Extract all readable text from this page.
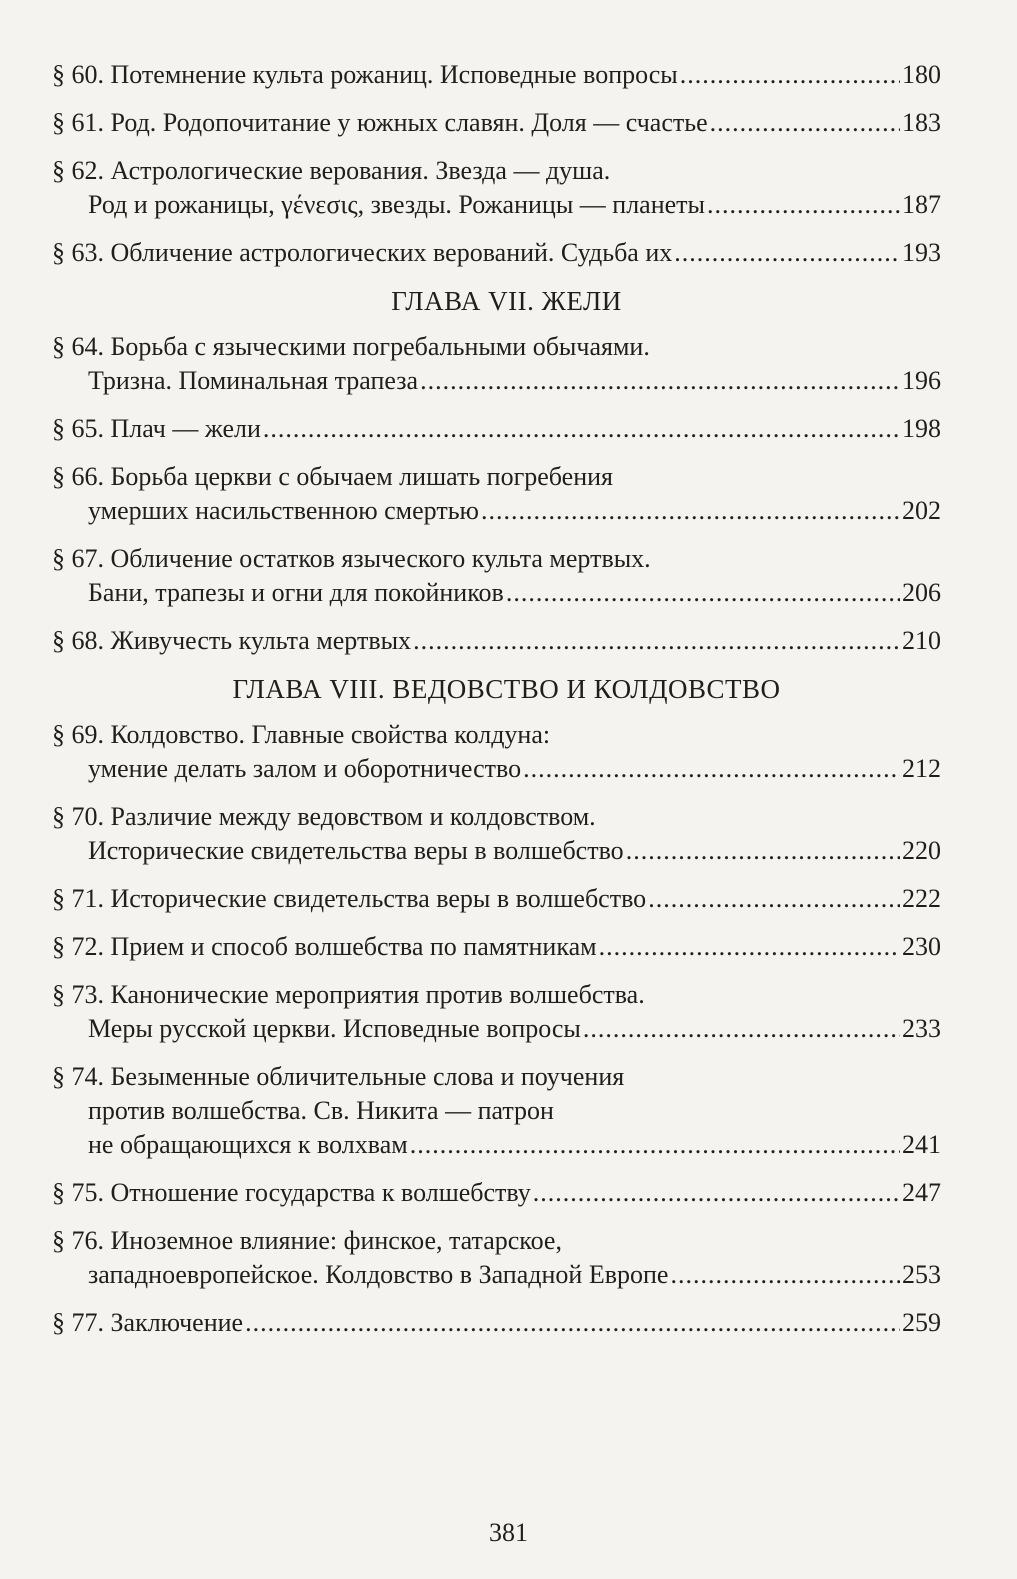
§ 60. Потемнение культа рожаниц. Исповедные вопросы .....	180
§ 61. Род. Родопочитание у южных славян. Доля — счастье .....	183
§ 62. Астрологические верования. Звезда — душа.
Род и рожаницы, γένεσις, звезды. Рожаницы — планеты .....	187
§ 63. Обличение астрологических верований. Судьба их .....	193
ГЛАВА VII. ЖЕЛИ
§ 64. Борьба с языческими погребальными обычаями.
Тризна. Поминальная трапеза .....	196
§ 65. Плач — жели .....	198
§ 66. Борьба церкви с обычаем лишать погребения
умерших насильственною смертью .....	202
§ 67. Обличение остатков языческого культа мертвых.
Бани, трапезы и огни для покойников .....	206
§ 68. Живучесть культа мертвых .....	210
ГЛАВА VIII. ВЕДОВСТВО И КОЛДОВСТВО
§ 69. Колдовство. Главные свойства колдуна:
умение делать залом и оборотничество .....	212
§ 70. Различие между ведовством и колдовством.
Исторические свидетельства веры в волшебство .....	220
§ 71. Исторические свидетельства веры в волшебство .....	222
§ 72. Прием и способ волшебства по памятникам .....	230
§ 73. Канонические мероприятия против волшебства.
Меры русской церкви. Исповедные вопросы .....	233
§ 74. Безыменные обличительные слова и поучения
против волшебства. Св. Никита — патрон
не обращающихся к волхвам .....	241
§ 75. Отношение государства к волшебству .....	247
§ 76. Иноземное влияние: финское, татарское,
западноевропейское. Колдовство в Западной Европе .....	253
§ 77. Заключение .....	259
381
